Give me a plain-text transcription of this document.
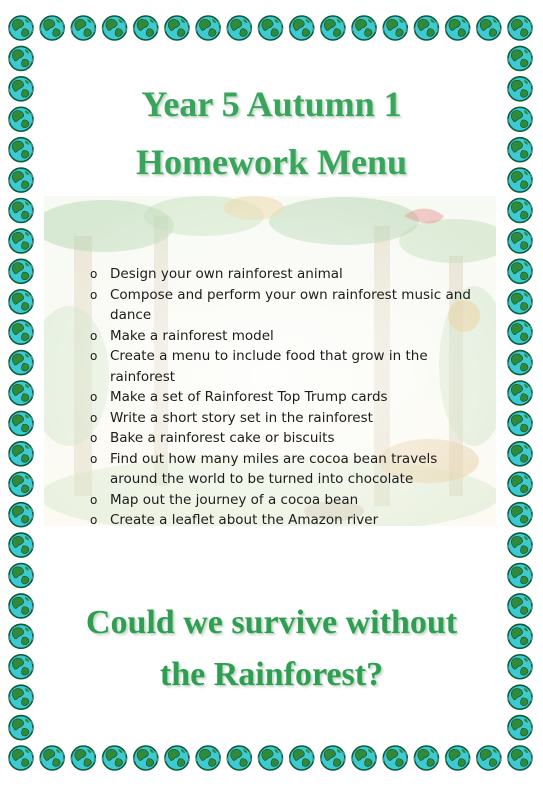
Year 5 Autumn 1
Homework Menu
o Design your own rainforest animal
o Compose and perform your own rainforest music and dance
o Make a rainforest model
o Create a menu to include food that grow in the rainforest
o Make a set of Rainforest Top Trump cards
o Write a short story set in the rainforest
o Bake a rainforest cake or biscuits
o Find out how many miles are cocoa bean travels around the world to be turned into chocolate
o Map out the journey of a cocoa bean
o Create a leaflet about the Amazon river
Could we survive without
the Rainforest?
